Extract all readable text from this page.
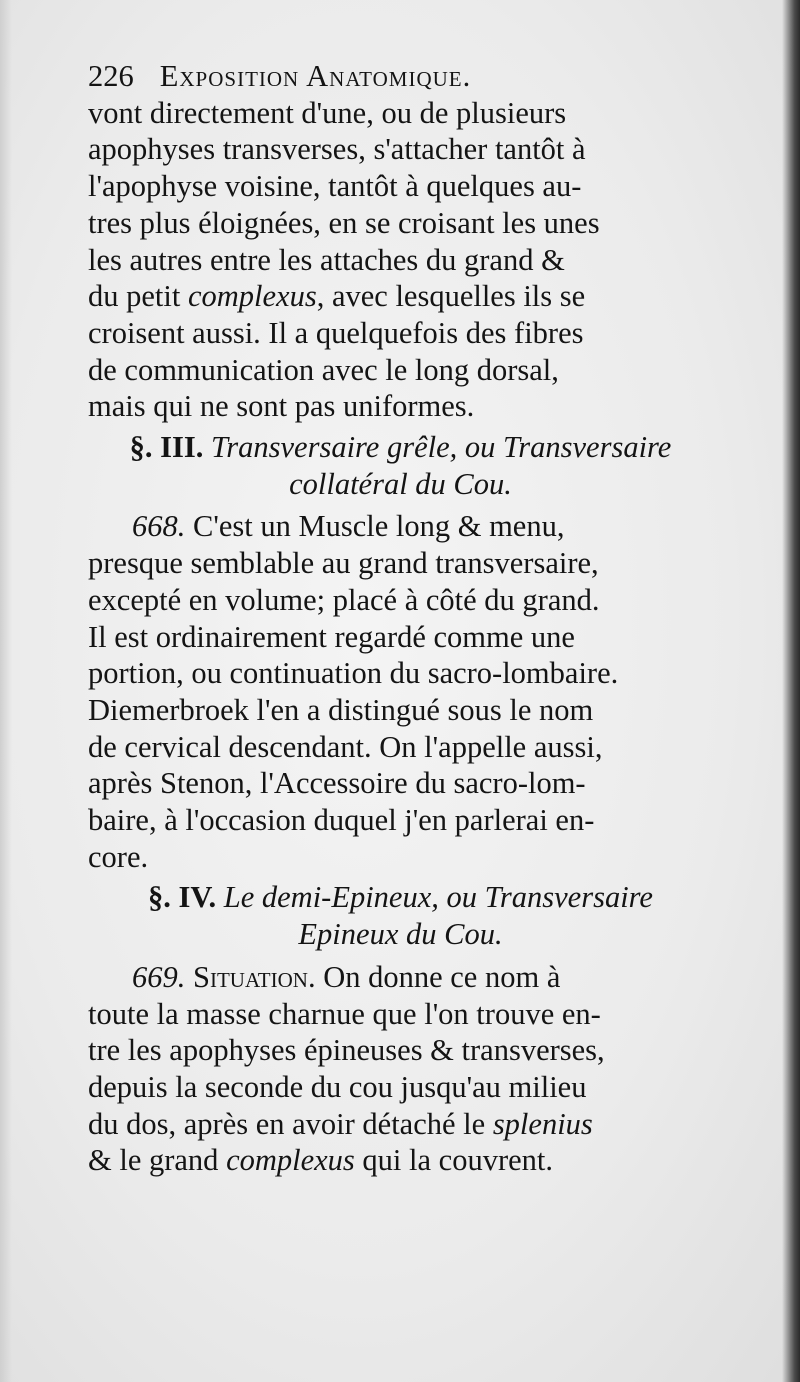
226 Exposition Anatomique.
vont directement d'une, ou de plusieurs
apophyses transverses, s'attacher tantôt à
l'apophyse voisine, tantôt à quelques au-
tres plus éloignées, en se croisant les unes
les autres entre les attaches du grand &
du petit complexus, avec lesquelles ils se
croisent aussi. Il a quelquefois des fibres
de communication avec le long dorsal,
mais qui ne sont pas uniformes.
§. III. Transversaire grêle, ou Transversaire
collatéral du Cou.
668. C'est un Muscle long & menu,
presque semblable au grand transversaire,
excepté en volume; placé à côté du grand.
Il est ordinairement regardé comme une
portion, ou continuation du sacro-lombaire.
Diemerbroek l'en a distingué sous le nom
de cervical descendant. On l'appelle aussi,
après Stenon, l'Accessoire du sacro-lom-
baire, à l'occasion duquel j'en parlerai en-
core.
§. IV. Le demi-Epineux, ou Transversaire
Epineux du Cou.
669. Situation. On donne ce nom à
toute la masse charnue que l'on trouve en-
tre les apophyses épineuses & transverses,
depuis la seconde du cou jusqu'au milieu
du dos, après en avoir détaché le splenius
& le grand complexus qui la couvrent.
